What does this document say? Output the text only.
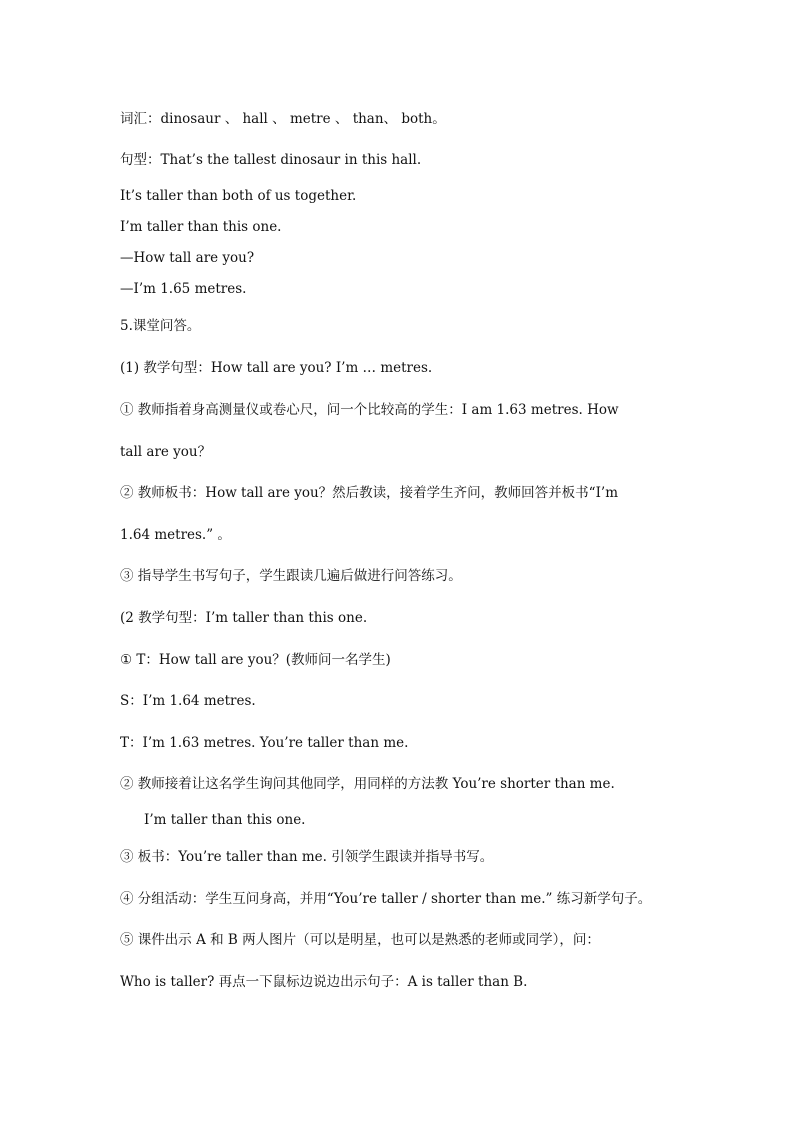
词汇：dinosaur 、 hall 、 metre 、 than、 both。
句型：That’s the tallest dinosaur in this hall.
It’s taller than both of us together.
I’m taller than this one.
—How tall are you?
—I’m 1.65 metres.
5.课堂问答。
(1) 教学句型：How tall are you? I’m … metres.
① 教师指着身高测量仪或卷心尺，问一个比较高的学生：I am 1.63 metres. How
tall are you？
② 教师板书：How tall are you？然后教读，接着学生齐问，教师回答并板书“I’m
1.64 metres.” 。
③ 指导学生书写句子，学生跟读几遍后做进行问答练习。
(2 教学句型：I’m taller than this one.
① T：How tall are you？(教师问一名学生)
S：I’m 1.64 metres.
T：I’m 1.63 metres. You’re taller than me.
② 教师接着让这名学生询问其他同学，用同样的方法教 You’re shorter than me.
I’m taller than this one.
③ 板书：You’re taller than me. 引领学生跟读并指导书写。
④ 分组活动：学生互问身高，并用“You’re taller / shorter than me.” 练习新学句子。
⑤ 课件出示 A 和 B 两人图片（可以是明星，也可以是熟悉的老师或同学），问：
Who is taller? 再点一下鼠标边说边出示句子：A is taller than B.
